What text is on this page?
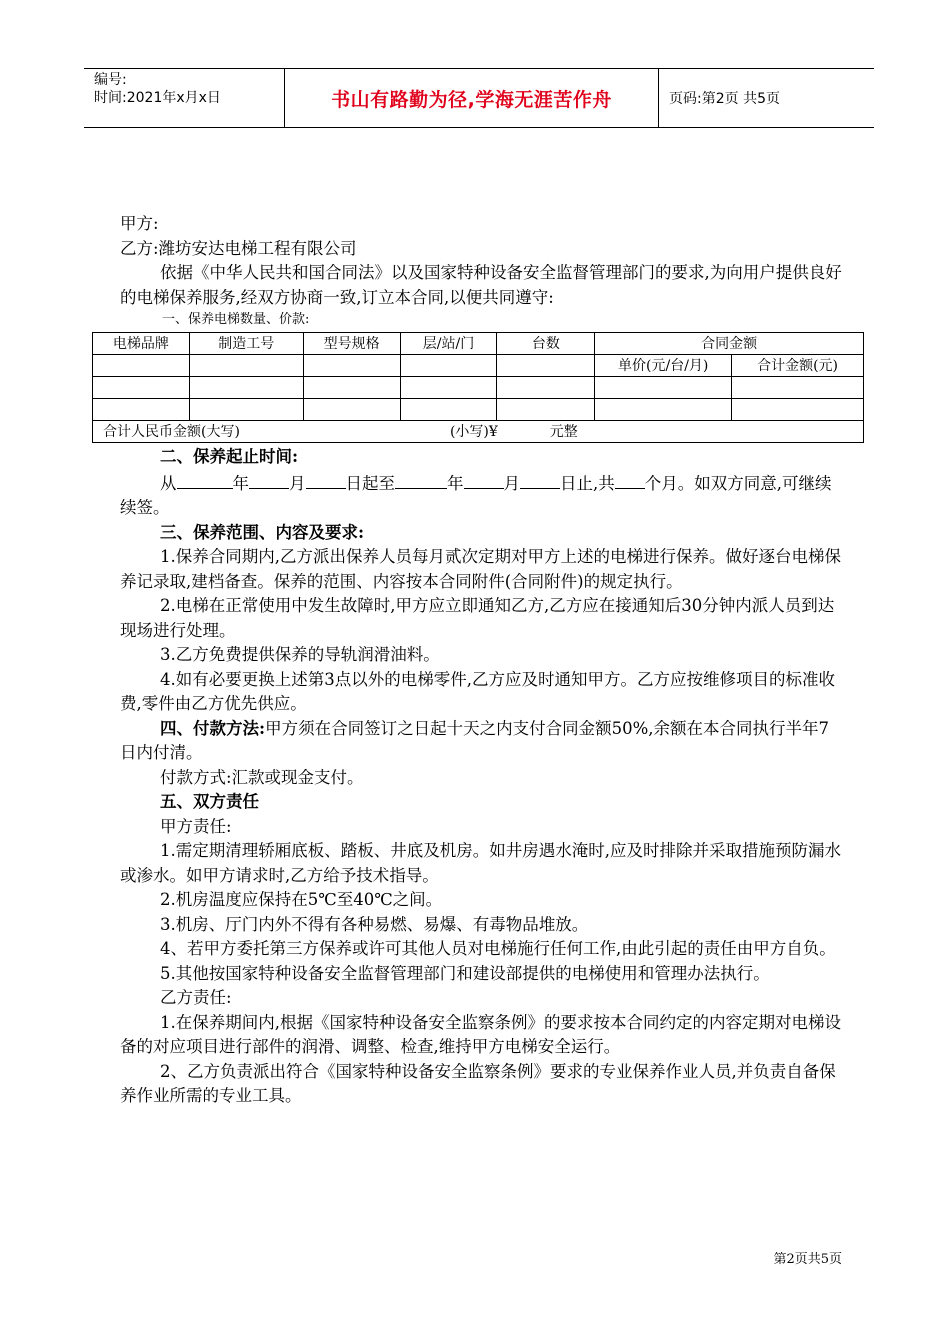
编号:
时间:2021年x月x日	书山有路勤为径,学海无涯苦作舟	页码:第2页 共5页

甲方:

乙方:潍坊安达电梯工程有限公司

依据《中华人民共和国合同法》以及国家特种设备安全监督管理部门的要求,为向用户提供良好的电梯保养服务,经双方协商一致,订立本合同,以便共同遵守:

一、保养电梯数量、价款:

电梯品牌	制造工号	型号规格	层/站/门	台数	合同金额	
					单价(元/台/月)	合计金额(元)

合计人民币金额(大写) (小写)¥ 元整						

二、保养起止时间:

从	年 月 日起至	年 月 日止,共 个月。如双方同意,可继续续签。

三、保养范围、内容及要求:

1.保养合同期内,乙方派出保养人员每月贰次定期对甲方上述的电梯进行保养。做好逐台电梯保养记录取,建档备查。保养的范围、内容按本合同附件(合同附件)的规定执行。

2.电梯在正常使用中发生故障时,甲方应立即通知乙方,乙方应在接通知后30分钟内派人员到达现场进行处理。

3.乙方免费提供保养的导轨润滑油料。

4.如有必要更换上述第3点以外的电梯零件,乙方应及时通知甲方。乙方应按维修项目的标准收费,零件由乙方优先供应。

四、付款方法:甲方须在合同签订之日起十天之内支付合同金额50%,余额在本合同执行半年7日内付清。

付款方式:汇款或现金支付。

五、双方责任

甲方责任:

1.需定期清理轿厢底板、踏板、井底及机房。如井房遇水淹时,应及时排除并采取措施预防漏水或渗水。如甲方请求时,乙方给予技术指导。

2.机房温度应保持在5℃至40℃之间。

3.机房、厅门内外不得有各种易燃、易爆、有毒物品堆放。

4、若甲方委托第三方保养或许可其他人员对电梯施行任何工作,由此引起的责任由甲方自负。

5.其他按国家特种设备安全监督管理部门和建设部提供的电梯使用和管理办法执行。

乙方责任:

1.在保养期间内,根据《国家特种设备安全监察条例》的要求按本合同约定的内容定期对电梯设备的对应项目进行部件的润滑、调整、检查,维持甲方电梯安全运行。

2、乙方负责派出符合《国家特种设备安全监察条例》要求的专业保养作业人员,并负责自备保养作业所需的专业工具。

第2页共5页
